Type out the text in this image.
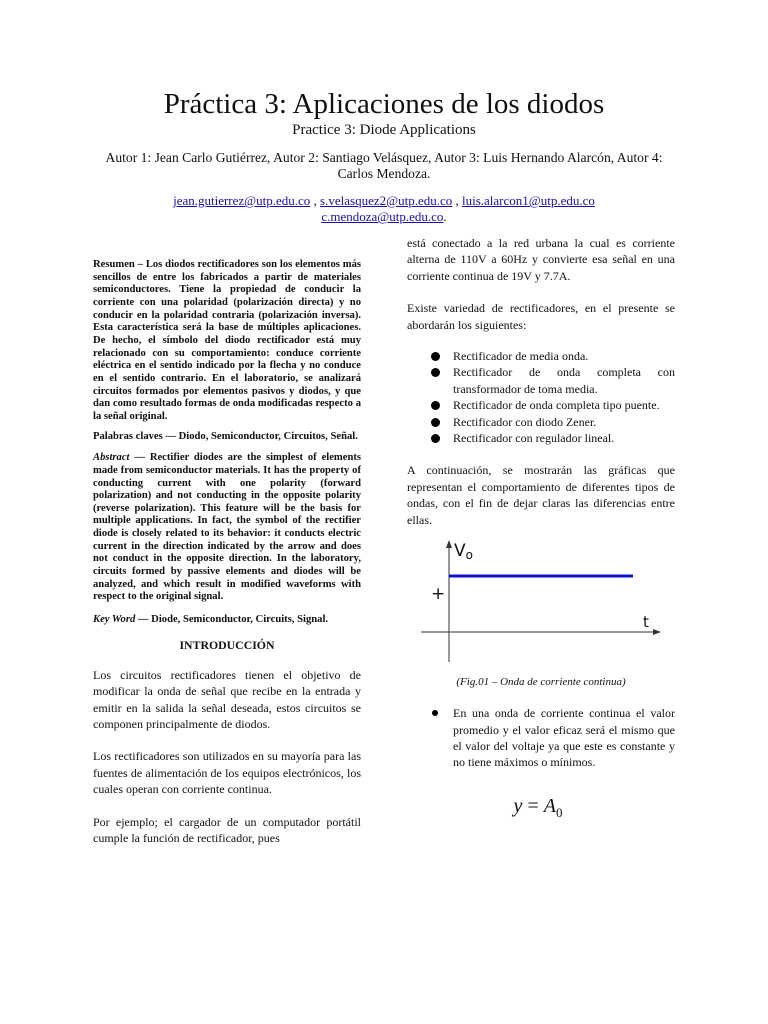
Práctica 3: Aplicaciones de los diodos
Practice 3: Diode Applications
Autor 1: Jean Carlo Gutiérrez, Autor 2: Santiago Velásquez, Autor 3: Luis Hernando Alarcón, Autor 4: Carlos Mendoza.
jean.gutierrez@utp.edu.co , s.velasquez2@utp.edu.co , luis.alarcon1@utp.edu.co
c.mendoza@utp.edu.co.

Resumen – Los diodos rectificadores son los elementos más sencillos de entre los fabricados a partir de materiales semiconductores. Tiene la propiedad de conducir la corriente con una polaridad (polarización directa) y no conducir en la polaridad contraria (polarización inversa). Esta característica será la base de múltiples aplicaciones. De hecho, el símbolo del diodo rectificador está muy relacionado con su comportamiento: conduce corriente eléctrica en el sentido indicado por la flecha y no conduce en el sentido contrario. En el laboratorio, se analizará circuitos formados por elementos pasivos y diodos, y que dan como resultado formas de onda modificadas respecto a la señal original.

Palabras claves — Diodo, Semiconductor, Circuitos, Señal.

Abstract — Rectifier diodes are the simplest of elements made from semiconductor materials. It has the property of conducting current with one polarity (forward polarization) and not conducting in the opposite polarity (reverse polarization). This feature will be the basis for multiple applications. In fact, the symbol of the rectifier diode is closely related to its behavior: it conducts electric current in the direction indicated by the arrow and does not conduct in the opposite direction. In the laboratory, circuits formed by passive elements and diodes will be analyzed, and which result in modified waveforms with respect to the original signal.

Key Word — Diode, Semiconductor, Circuits, Signal.

INTRODUCCIÓN

Los circuitos rectificadores tienen el objetivo de modificar la onda de señal que recibe en la entrada y emitir en la salida la señal deseada, estos circuitos se componen principalmente de diodos.

Los rectificadores son utilizados en su mayoría para las fuentes de alimentación de los equipos electrónicos, los cuales operan con corriente continua.

Por ejemplo; el cargador de un computador portátil cumple la función de rectificador, pues

está conectado a la red urbana la cual es corriente alterna de 110V a 60Hz y convierte esa señal en una corriente continua de 19V y 7.7A.

Existe variedad de rectificadores, en el presente se abordarán los siguientes:

Rectificador de media onda.
Rectificador de onda completa con transformador de toma media.
Rectificador de onda completa tipo puente.
Rectificador con diodo Zener.
Rectificador con regulador lineal.

A continuación, se mostrarán las gráficas que representan el comportamiento de diferentes tipos de ondas, con el fin de dejar claras las diferencias entre ellas.

Vo
+
t

(Fig.01 – Onda de corriente continua)

En una onda de corriente continua el valor promedio y el valor eficaz será el mismo que el valor del voltaje ya que este es constante y no tiene máximos o mínimos.

$y = A_0$
